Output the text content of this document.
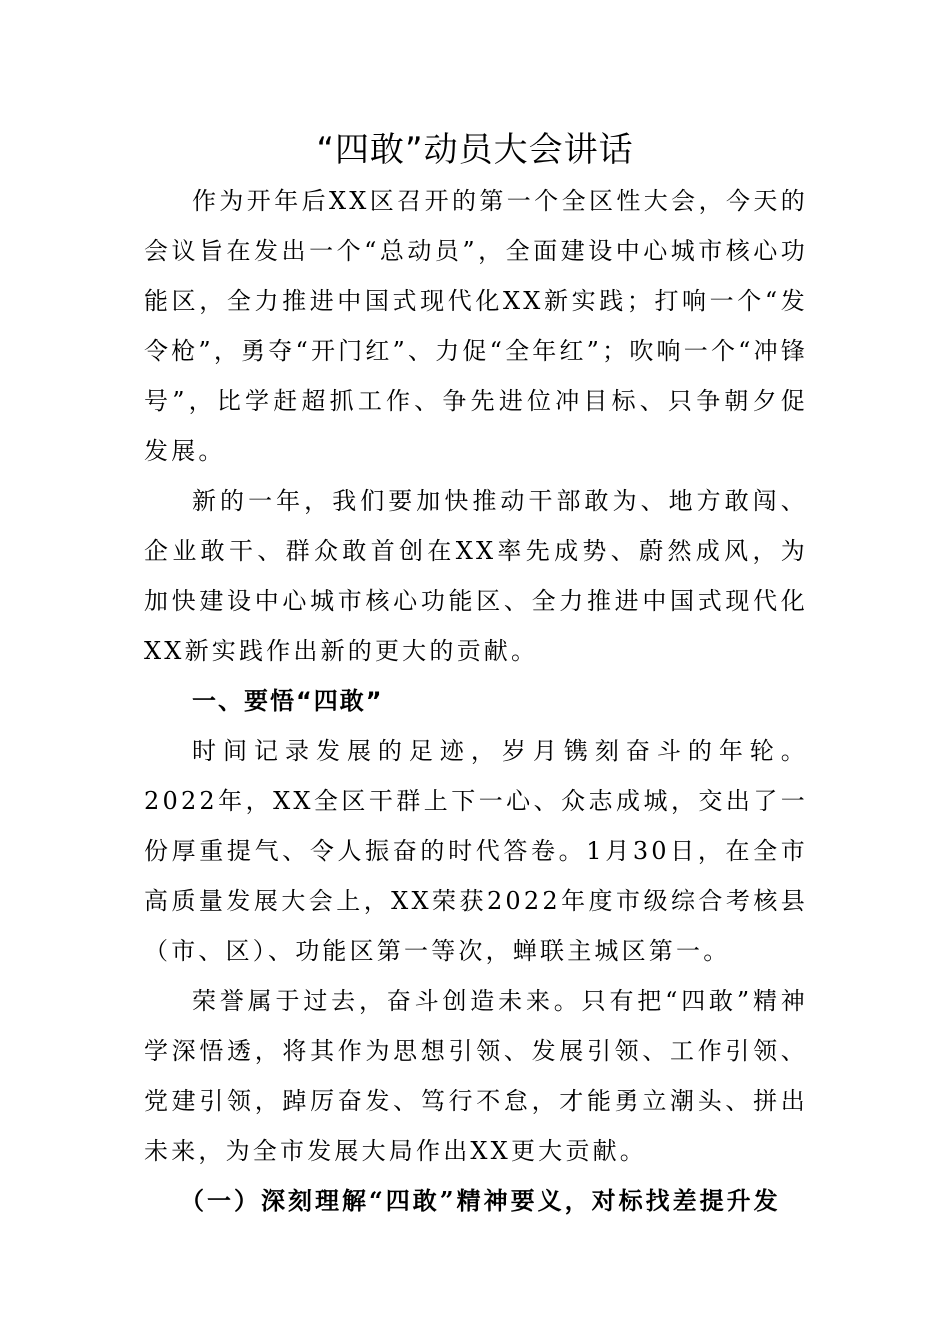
“四敢”动员大会讲话

作为开年后XX区召开的第一个全区性大会，今天的会议旨在发出一个“总动员”，全面建设中心城市核心功能区，全力推进中国式现代化XX新实践；打响一个“发令枪”，勇夺“开门红”、力促“全年红”；吹响一个“冲锋号”，比学赶超抓工作、争先进位冲目标、只争朝夕促发展。

新的一年，我们要加快推动干部敢为、地方敢闯、企业敢干、群众敢首创在XX率先成势、蔚然成风，为加快建设中心城市核心功能区、全力推进中国式现代化XX新实践作出新的更大的贡献。

一、要悟“四敢”

时间记录发展的足迹，岁月镌刻奋斗的年轮。2022年，XX全区干群上下一心、众志成城，交出了一份厚重提气、令人振奋的时代答卷。1月30日，在全市高质量发展大会上，XX荣获2022年度市级综合考核县（市、区）、功能区第一等次，蝉联主城区第一。

荣誉属于过去，奋斗创造未来。只有把“四敢”精神学深悟透，将其作为思想引领、发展引领、工作引领、党建引领，踔厉奋发、笃行不怠，才能勇立潮头、拼出未来，为全市发展大局作出XX更大贡献。

（一）深刻理解“四敢”精神要义，对标找差提升发
